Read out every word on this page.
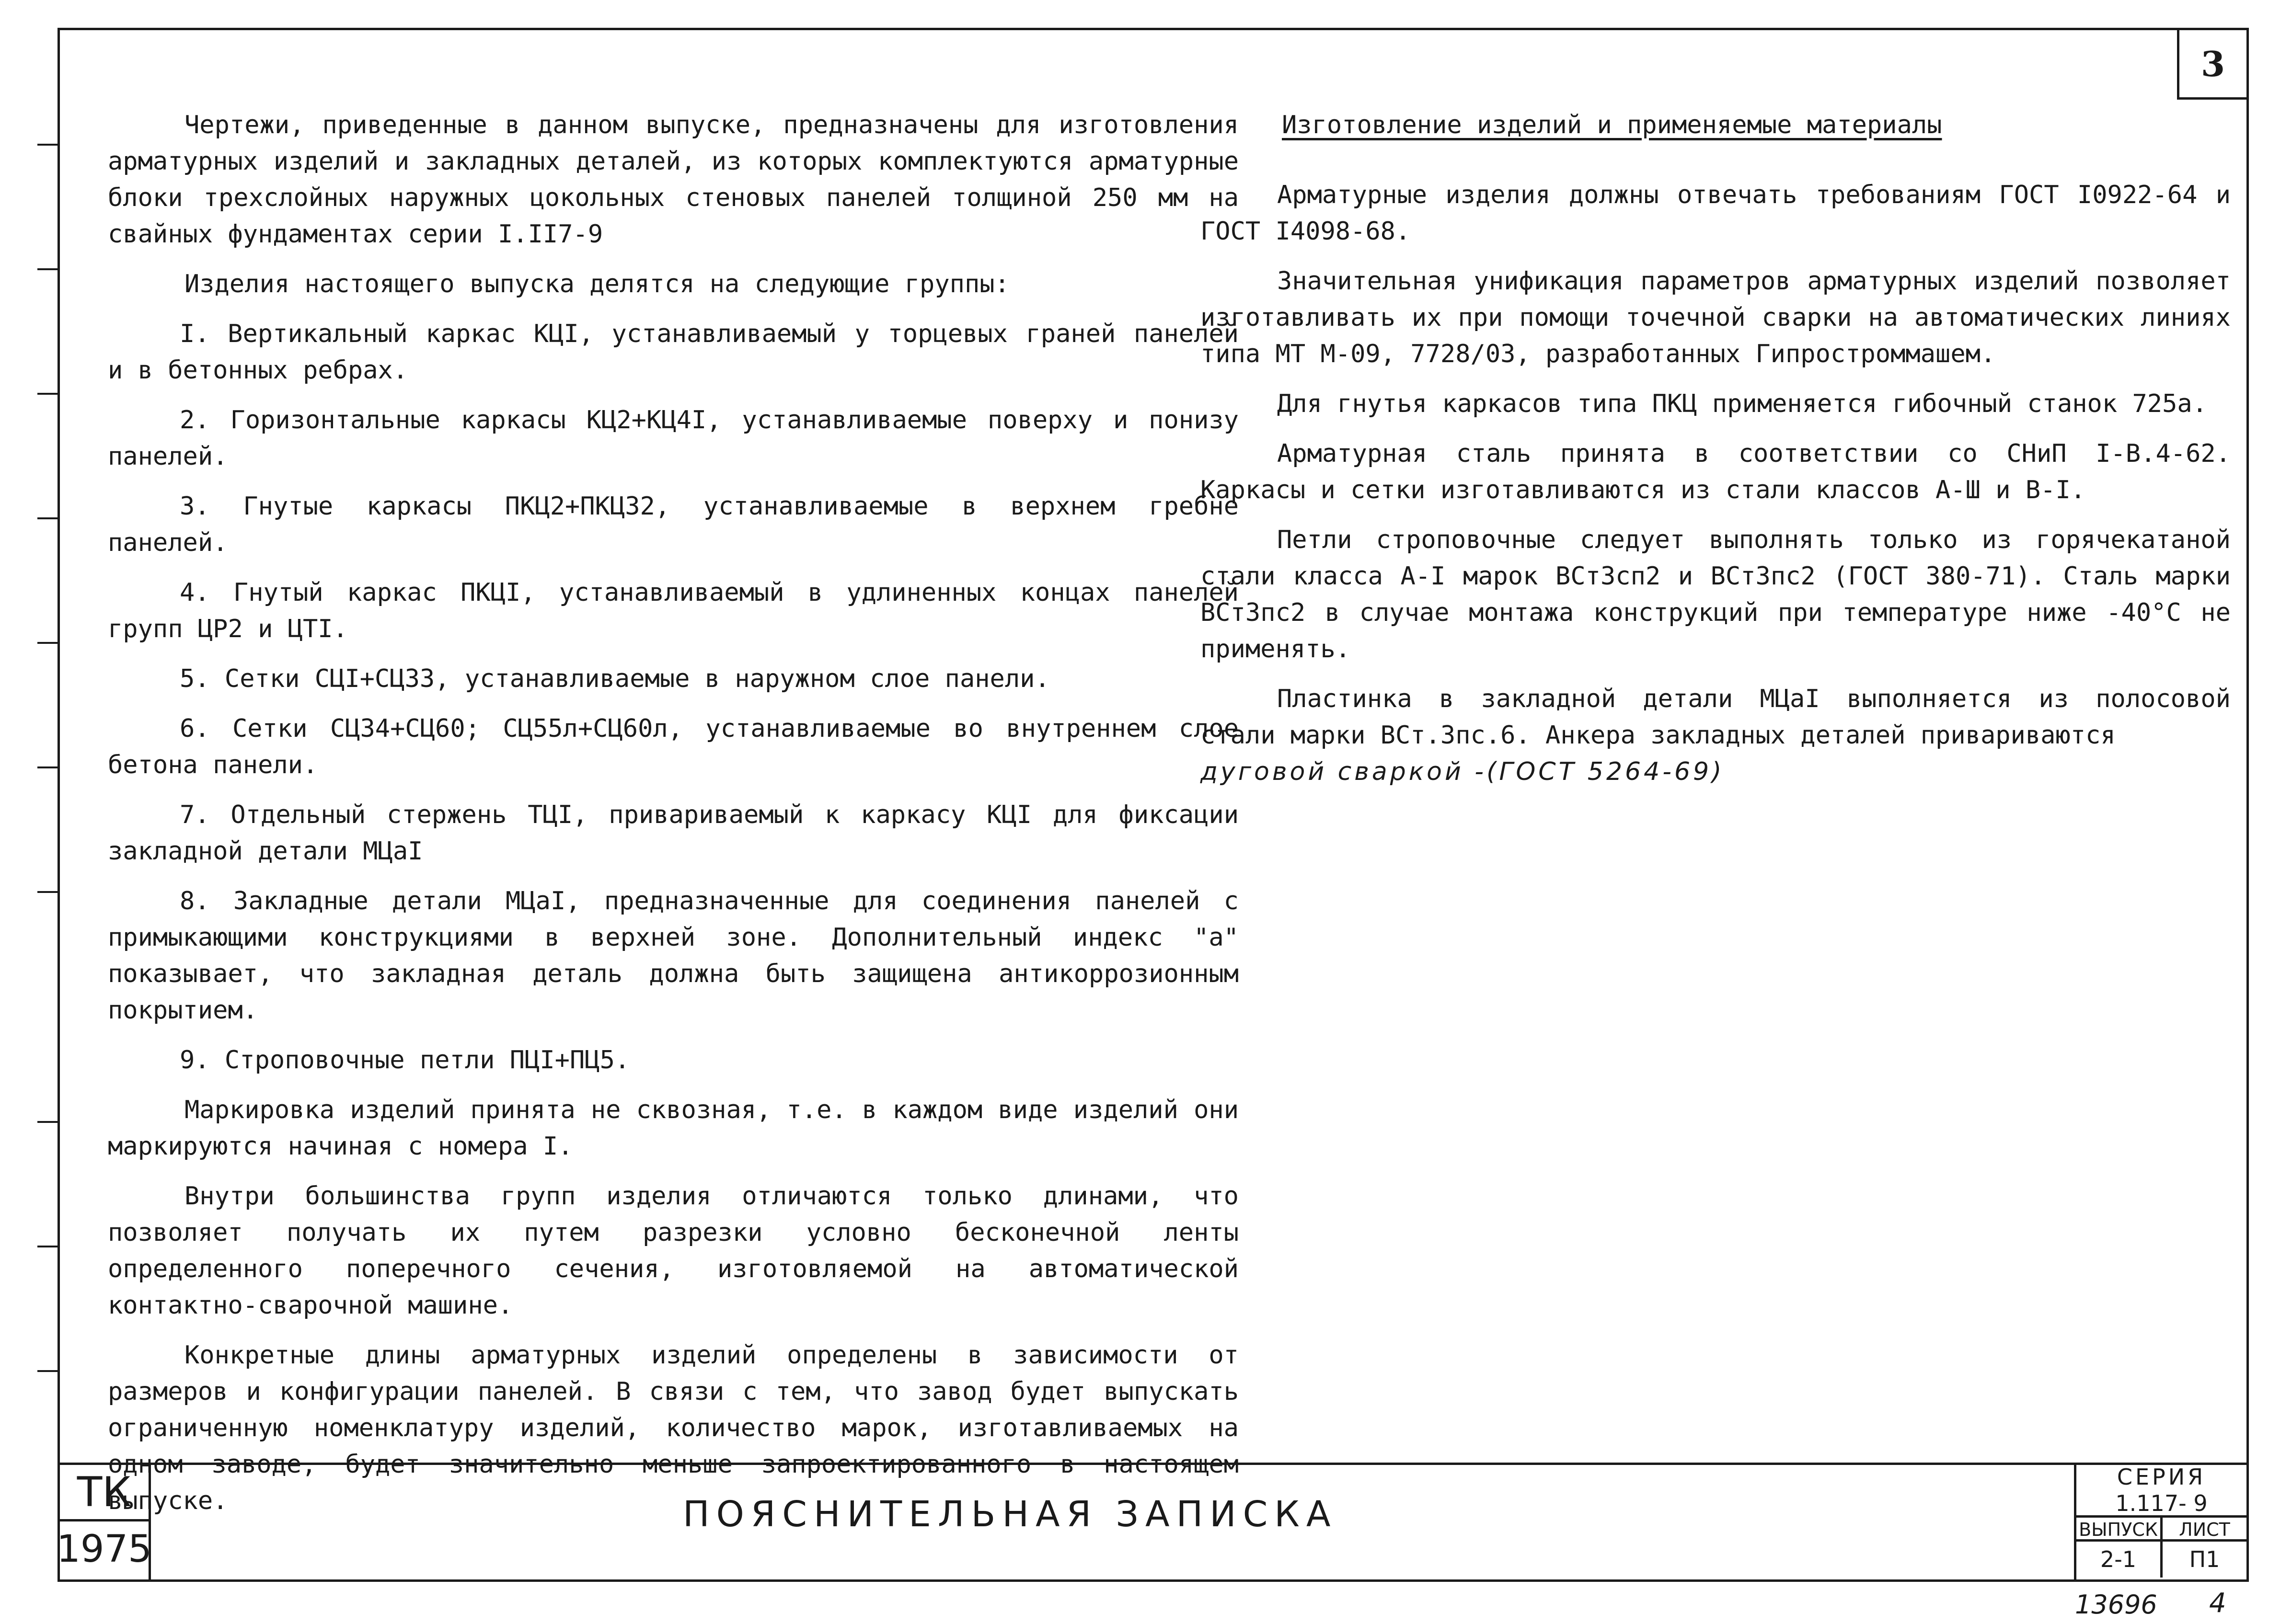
3

Чертежи, приведенные в данном выпуске, предназначены для изготовления арматурных изделий и закладных деталей, из которых комплектуются арматурные блоки трехслойных наружных цокольных стеновых панелей толщиной 250 мм на свайных фундаментах серии I.II7-9

Изделия настоящего выпуска делятся на следующие группы:

I. Вертикальный каркас КЦI, устанавливаемый у торцевых граней панелей и в бетонных ребрах.

2. Горизонтальные каркасы КЦ2+КЦ4I, устанавливаемые поверху и понизу панелей.

3. Гнутые каркасы ПКЦ2+ПКЦ32, устанавливаемые в верхнем гребне панелей.

4. Гнутый каркас ПКЦI, устанавливаемый в удлиненных концах панелей групп ЦР2 и ЦТI.

5. Сетки СЦI+СЦ33, устанавливаемые в наружном слое панели.

6. Сетки СЦ34+СЦ60; СЦ55л+СЦ60л, устанавливаемые во внутреннем слое бетона панели.

7. Отдельный стержень ТЦI, привариваемый к каркасу КЦI для фиксации закладной детали МЦаI

8. Закладные детали МЦаI, предназначенные для соединения панелей с примыкающими конструкциями в верхней зоне. Дополнительный индекс "а" показывает, что закладная деталь должна быть защищена антикоррозионным покрытием.

9. Строповочные петли ПЦI+ПЦ5.

Маркировка изделий принята не сквозная, т.е. в каждом виде изделий они маркируются начиная с номера I.

Внутри большинства групп изделия отличаются только длинами, что позволяет получать их путем разрезки условно бесконечной ленты определенного поперечного сечения, изготовляемой на автоматической контактно-сварочной машине.

Конкретные длины арматурных изделий определены в зависимости от размеров и конфигурации панелей. В связи с тем, что завод будет выпускать ограниченную номенклатуру изделий, количество марок, изготавливаемых на одном заводе, будет значительно меньше запроектированного в настоящем выпуске.

Изготовление изделий и применяемые материалы

Арматурные изделия должны отвечать требованиям ГОСТ I0922-64 и ГОСТ I4098-68.

Значительная унификация параметров арматурных изделий позволяет изготавливать их при помощи точечной сварки на автоматических линиях типа МТ М-09, 7728/03, разработанных Гипростроммашем.

Для гнутья каркасов типа ПКЦ применяется гибочный станок 725а.

Арматурная сталь принята в соответствии со СНиП I-В.4-62. Каркасы и сетки изготавливаются из стали классов А-Ш и В-I.

Петли строповочные следует выполнять только из горячекатаной стали класса А-I марок ВСтЗсп2 и ВСтЗпс2 (ГОСТ 380-71). Сталь марки ВСтЗпс2 в случае монтажа конструкций при температуре ниже -40°С не применять.

Пластинка в закладной детали МЦаI выполняется из полосовой стали марки ВСт.Зпс.6. Анкера закладных деталей привариваются

дуговой сваркой -(ГОСТ 5264-69)

ТК
1975
ПОЯСНИТЕЛЬНАЯ ЗАПИСКА
СЕРИЯ
1.117- 9
ВЫПУСК
2-1
ЛИСТ
П1
13696 4
